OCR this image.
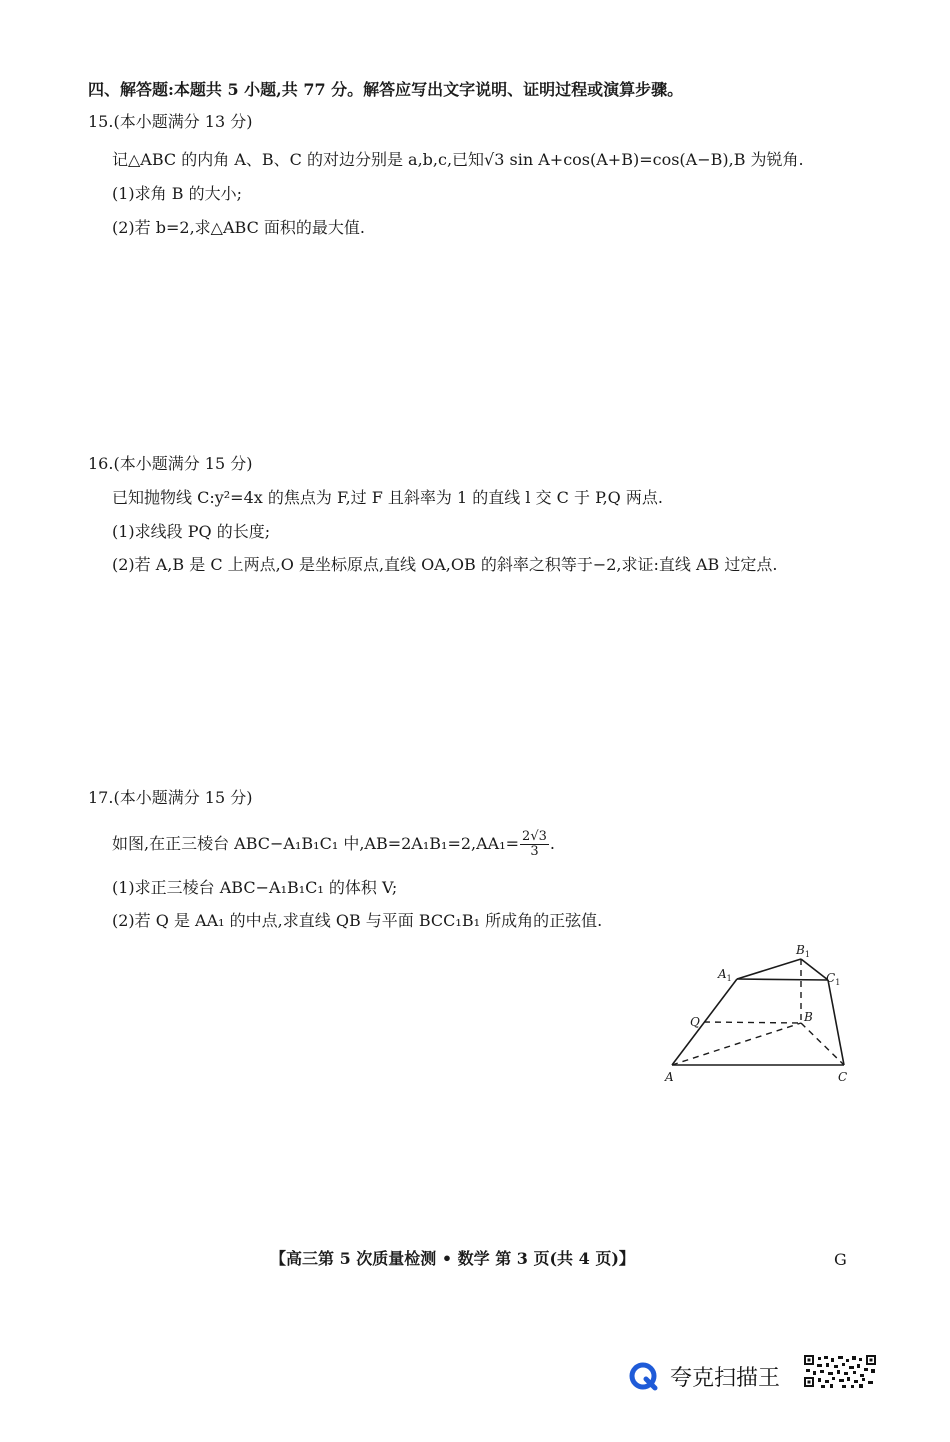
四、解答题:本题共 5 小题,共 77 分。解答应写出文字说明、证明过程或演算步骤。
15.(本小题满分 13 分)
记△ABC 的内角 A、B、C 的对边分别是 a,b,c,已知√3 sin A+cos(A+B)=cos(A−B),B 为锐角.
(1)求角 B 的大小;
(2)若 b=2,求△ABC 面积的最大值.
16.(本小题满分 15 分)
已知抛物线 C:y²=4x 的焦点为 F,过 F 且斜率为 1 的直线 l 交 C 于 P,Q 两点.
(1)求线段 PQ 的长度;
(2)若 A,B 是 C 上两点,O 是坐标原点,直线 OA,OB 的斜率之积等于−2,求证:直线 AB 过定点.
17.(本小题满分 15 分)
如图,在正三棱台 ABC−A₁B₁C₁ 中$,AB=2A_1B_1=2,AA_1= \frac{2√3}{3}$ .
(1)求正三棱台 ABC−A₁B₁C₁ 的体积 V;
(2)若 Q 是 AA₁ 的中点,求直线 QB 与平面 BCC₁B₁ 所成角的正弦值.
A	C
B
Q
$A_1$
$B_1$
$C_1$
【高三第 5 次质量检测 • 数学 第 3 页(共 4 页)】	G
夸克扫描王
